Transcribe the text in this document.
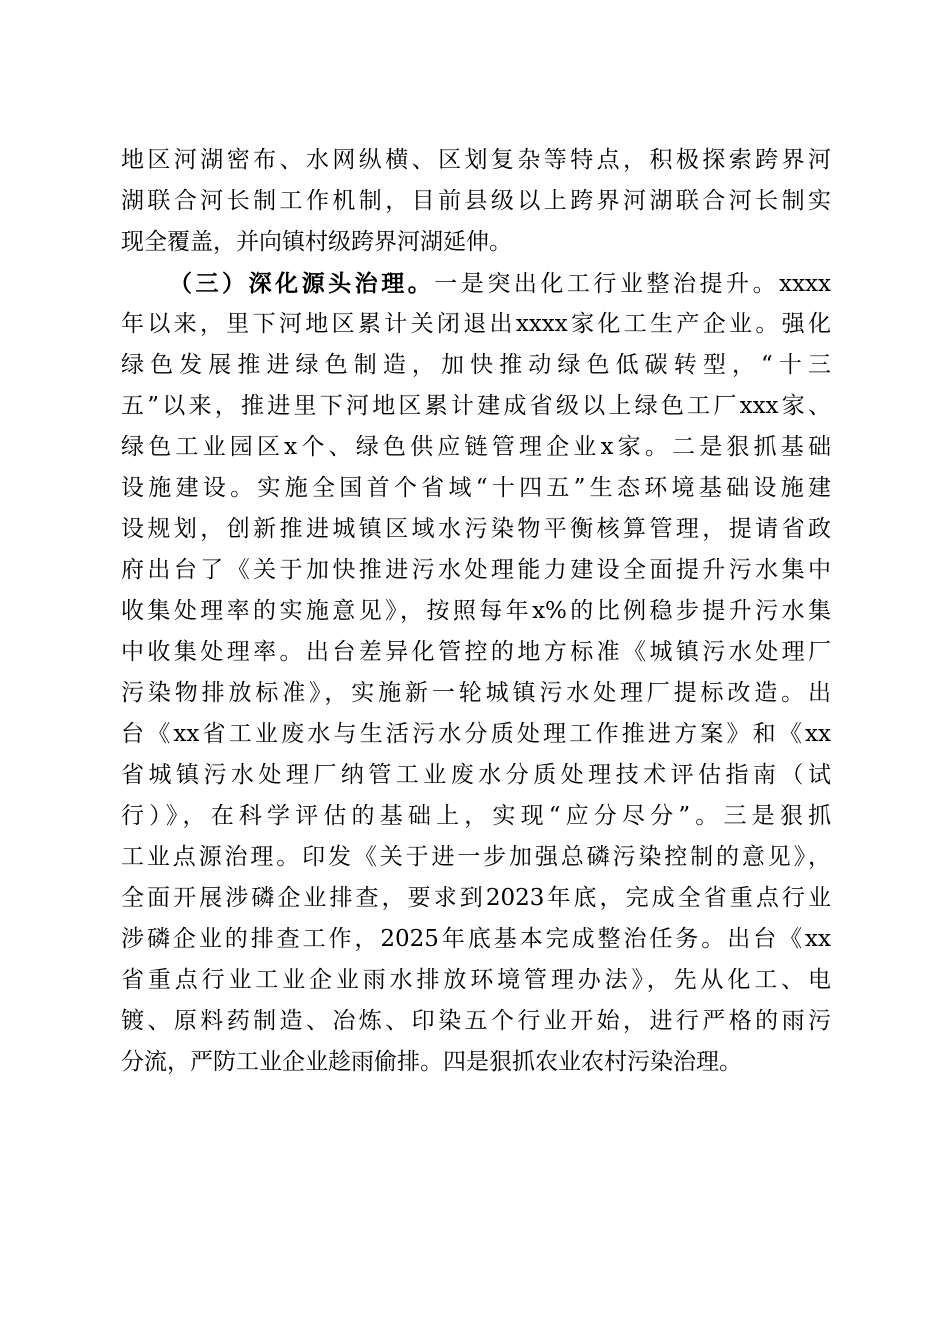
地区河湖密布、水网纵横、区划复杂等特点，积极探索跨界河
湖联合河长制工作机制，目前县级以上跨界河湖联合河长制实
现全覆盖，并向镇村级跨界河湖延伸。
（三）深化源头治理。一是突出化工行业整治提升。xxxx
年以来，里下河地区累计关闭退出xxxx家化工生产企业。强化
绿色发展推进绿色制造，加快推动绿色低碳转型，“十三
五”以来，推进里下河地区累计建成省级以上绿色工厂xxx家、
绿色工业园区x个、绿色供应链管理企业x家。二是狠抓基础
设施建设。实施全国首个省域“十四五”生态环境基础设施建
设规划，创新推进城镇区域水污染物平衡核算管理，提请省政
府出台了《关于加快推进污水处理能力建设全面提升污水集中
收集处理率的实施意见》，按照每年x%的比例稳步提升污水集
中收集处理率。出台差异化管控的地方标准《城镇污水处理厂
污染物排放标准》，实施新一轮城镇污水处理厂提标改造。出
台《xx省工业废水与生活污水分质处理工作推进方案》和《xx
省城镇污水处理厂纳管工业废水分质处理技术评估指南（试
行）》，在科学评估的基础上，实现“应分尽分”。三是狠抓
工业点源治理。印发《关于进一步加强总磷污染控制的意见》，
全面开展涉磷企业排查，要求到2023年底，完成全省重点行业
涉磷企业的排查工作，2025年底基本完成整治任务。出台《xx
省重点行业工业企业雨水排放环境管理办法》，先从化工、电
镀、原料药制造、冶炼、印染五个行业开始，进行严格的雨污
分流，严防工业企业趁雨偷排。四是狠抓农业农村污染治理。
